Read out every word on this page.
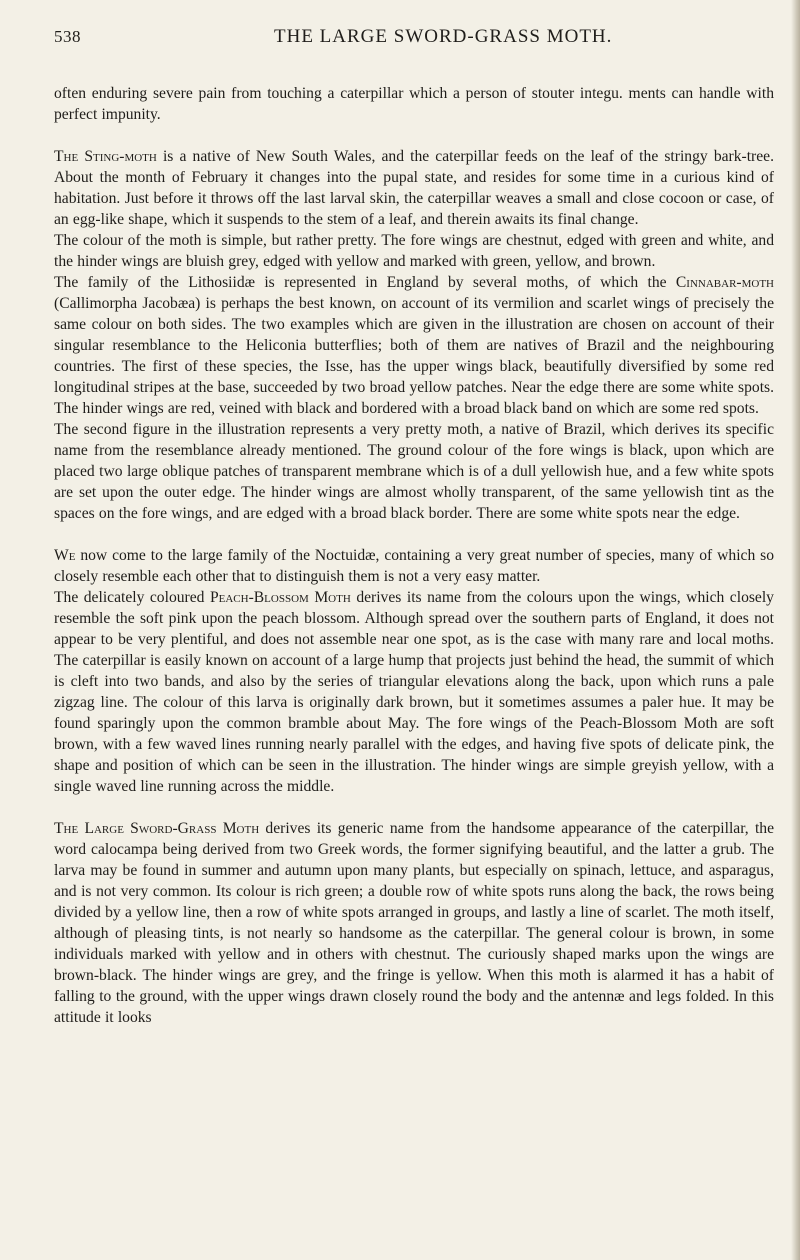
538	THE LARGE SWORD-GRASS MOTH.

often enduring severe pain from touching a caterpillar which a person of stouter integu. ments can handle with perfect impunity.

The Sting-moth is a native of New South Wales, and the caterpillar feeds on the leaf of the stringy bark-tree. About the month of February it changes into the pupal state, and resides for some time in a curious kind of habitation. Just before it throws off the last larval skin, the caterpillar weaves a small and close cocoon or case, of an egg-like shape, which it suspends to the stem of a leaf, and therein awaits its final change.

The colour of the moth is simple, but rather pretty. The fore wings are chestnut, edged with green and white, and the hinder wings are bluish grey, edged with yellow and marked with green, yellow, and brown.

The family of the Lithosiidæ is represented in England by several moths, of which the Cinnabar-moth (Callimorpha Jacobæa) is perhaps the best known, on account of its vermilion and scarlet wings of precisely the same colour on both sides. The two examples which are given in the illustration are chosen on account of their singular resemblance to the Heliconia butterflies; both of them are natives of Brazil and the neighbouring countries. The first of these species, the Isse, has the upper wings black, beautifully diversified by some red longitudinal stripes at the base, succeeded by two broad yellow patches. Near the edge there are some white spots. The hinder wings are red, veined with black and bordered with a broad black band on which are some red spots.

The second figure in the illustration represents a very pretty moth, a native of Brazil, which derives its specific name from the resemblance already mentioned. The ground colour of the fore wings is black, upon which are placed two large oblique patches of transparent membrane which is of a dull yellowish hue, and a few white spots are set upon the outer edge. The hinder wings are almost wholly transparent, of the same yellowish tint as the spaces on the fore wings, and are edged with a broad black border. There are some white spots near the edge.

We now come to the large family of the Noctuidæ, containing a very great number of species, many of which so closely resemble each other that to distinguish them is not a very easy matter.

The delicately coloured Peach-Blossom Moth derives its name from the colours upon the wings, which closely resemble the soft pink upon the peach blossom. Although spread over the southern parts of England, it does not appear to be very plentiful, and does not assemble near one spot, as is the case with many rare and local moths. The caterpillar is easily known on account of a large hump that projects just behind the head, the summit of which is cleft into two bands, and also by the series of triangular elevations along the back, upon which runs a pale zigzag line. The colour of this larva is originally dark brown, but it sometimes assumes a paler hue. It may be found sparingly upon the common bramble about May. The fore wings of the Peach-Blossom Moth are soft brown, with a few waved lines running nearly parallel with the edges, and having five spots of delicate pink, the shape and position of which can be seen in the illustration. The hinder wings are simple greyish yellow, with a single waved line running across the middle.

The Large Sword-Grass Moth derives its generic name from the handsome appearance of the caterpillar, the word calocampa being derived from two Greek words, the former signifying beautiful, and the latter a grub. The larva may be found in summer and autumn upon many plants, but especially on spinach, lettuce, and asparagus, and is not very common. Its colour is rich green; a double row of white spots runs along the back, the rows being divided by a yellow line, then a row of white spots arranged in groups, and lastly a line of scarlet. The moth itself, although of pleasing tints, is not nearly so handsome as the caterpillar. The general colour is brown, in some individuals marked with yellow and in others with chestnut. The curiously shaped marks upon the wings are brown-black. The hinder wings are grey, and the fringe is yellow. When this moth is alarmed it has a habit of falling to the ground, with the upper wings drawn closely round the body and the antennæ and legs folded. In this attitude it looks
